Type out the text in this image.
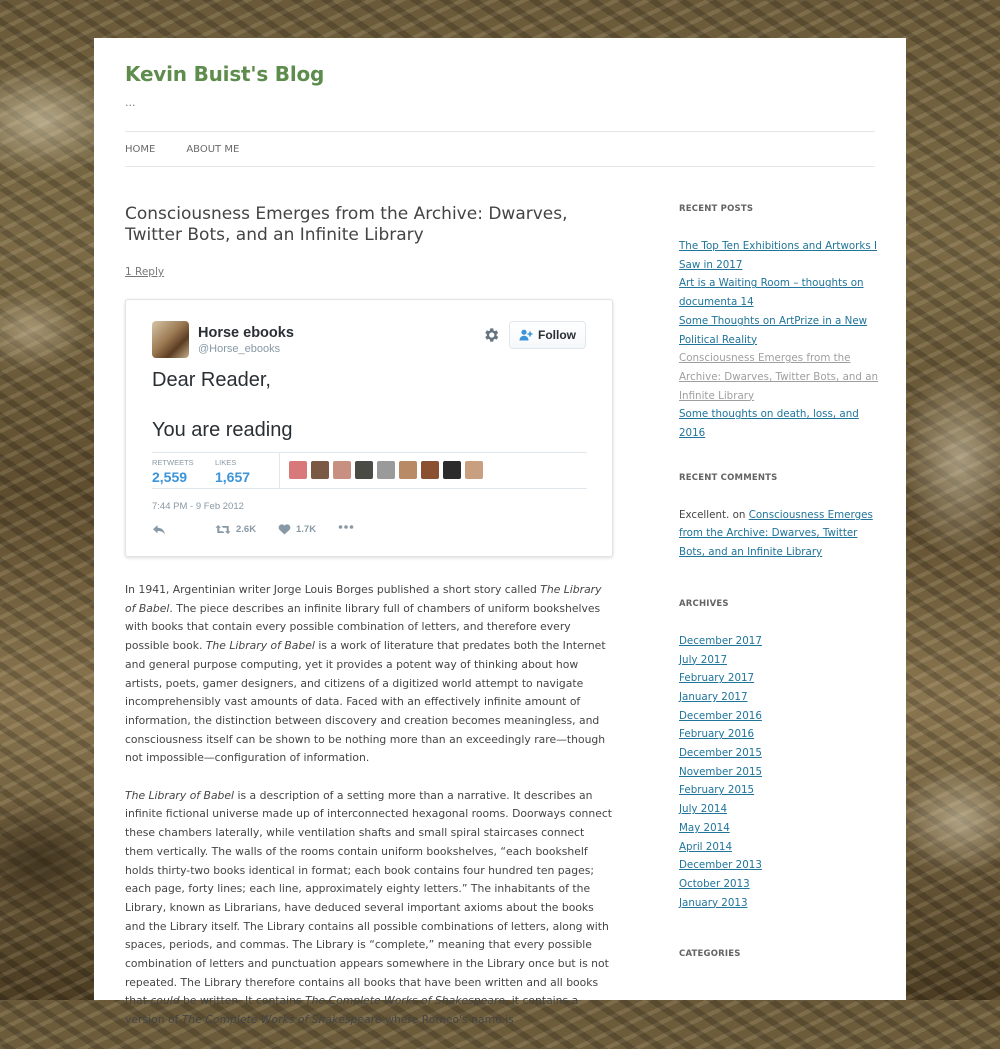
Kevin Buist's Blog
...
HOME	ABOUT ME
Consciousness Emerges from the Archive: Dwarves, Twitter Bots, and an Infinite Library
1 Reply
Horse ebooks
@Horse_ebooks
Follow
Dear Reader,
You are reading
RETWEETS
2,559
LIKES
1,657
7:44 PM - 9 Feb 2012
2.6K	1.7K

In 1941, Argentinian writer Jorge Louis Borges published a short story called The Library of Babel. The piece describes an infinite library full of chambers of uniform bookshelves with books that contain every possible combination of letters, and therefore every possible book. The Library of Babel is a work of literature that predates both the Internet and general purpose computing, yet it provides a potent way of thinking about how artists, poets, gamer designers, and citizens of a digitized world attempt to navigate incomprehensibly vast amounts of data. Faced with an effectively infinite amount of information, the distinction between discovery and creation becomes meaningless, and consciousness itself can be shown to be nothing more than an exceedingly rare—though not impossible—configuration of information.

The Library of Babel is a description of a setting more than a narrative. It describes an infinite fictional universe made up of interconnected hexagonal rooms. Doorways connect these chambers laterally, while ventilation shafts and small spiral staircases connect them vertically. The walls of the rooms contain uniform bookshelves, “each bookshelf holds thirty-two books identical in format; each book contains four hundred ten pages; each page, forty lines; each line, approximately eighty letters.” The inhabitants of the Library, known as Librarians, have deduced several important axioms about the books and the Library itself. The Library contains all possible combinations of letters, along with spaces, periods, and commas. The Library is “complete,” meaning that every possible combination of letters and punctuation appears somewhere in the Library once but is not repeated. The Library therefore contains all books that have been written and all books that could be written. It contains The Complete Works of Shakespeare, it contains a version of The Complete Works of Shakespeare where Romeo's name is

RECENT POSTS
The Top Ten Exhibitions and Artworks I Saw in 2017
Art is a Waiting Room – thoughts on documenta 14
Some Thoughts on ArtPrize in a New Political Reality
Consciousness Emerges from the Archive: Dwarves, Twitter Bots, and an Infinite Library
Some thoughts on death, loss, and 2016
RECENT COMMENTS
Excellent. on Consciousness Emerges from the Archive: Dwarves, Twitter Bots, and an Infinite Library
ARCHIVES
December 2017
July 2017
February 2017
January 2017
December 2016
February 2016
December 2015
November 2015
February 2015
July 2014
May 2014
April 2014
December 2013
October 2013
January 2013
CATEGORIES
